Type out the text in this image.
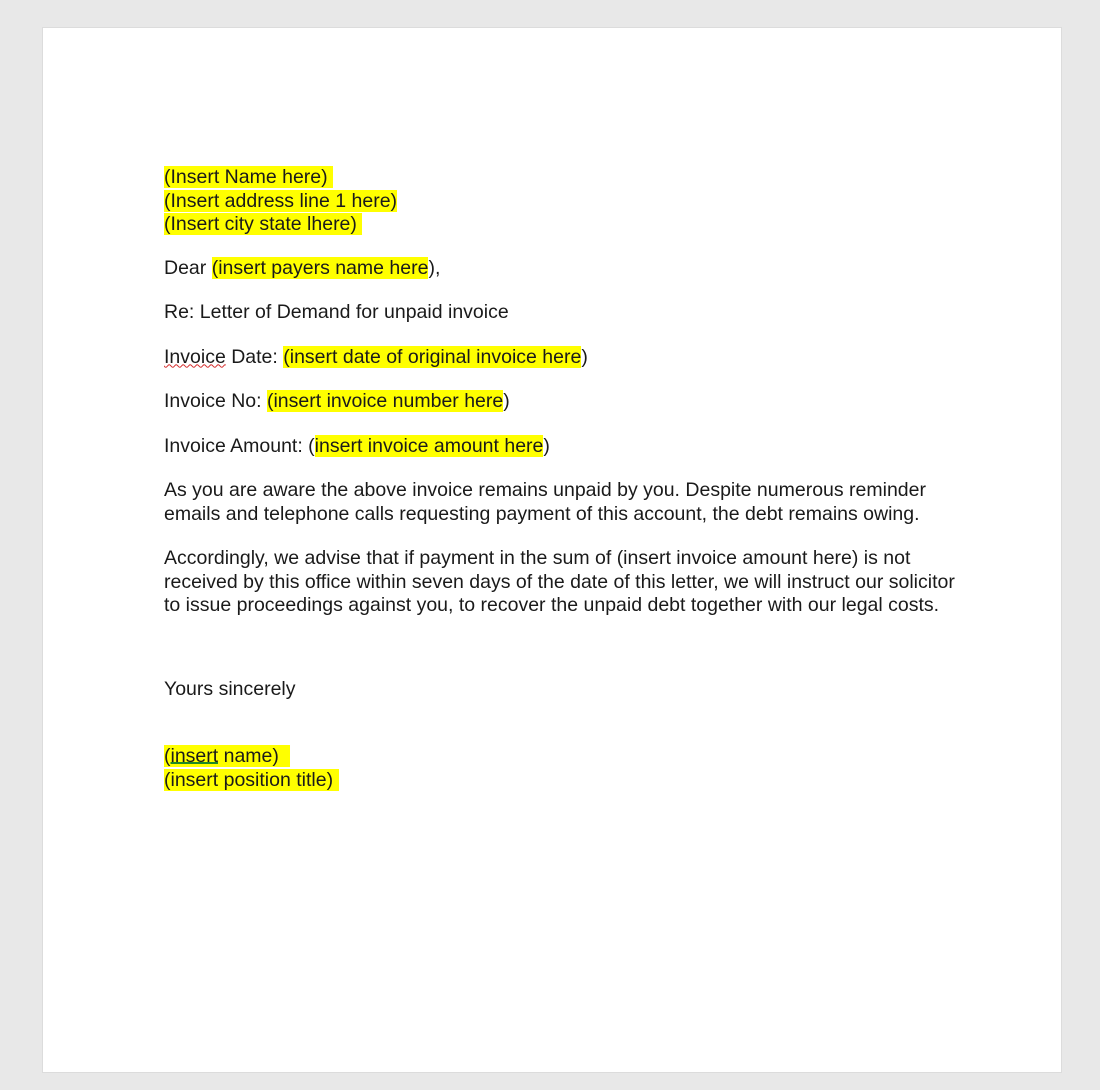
(Insert Name here)
(Insert address line 1 here)
(Insert city state lhere)
Dear (insert payers name here),
Re: Letter of Demand for unpaid invoice
Invoice Date: (insert date of original invoice here)
Invoice No: (insert invoice number here)
Invoice Amount: (insert invoice amount here)

As you are aware the above invoice remains unpaid by you. Despite numerous reminder emails and telephone calls requesting payment of this account, the debt remains owing.

Accordingly, we advise that if payment in the sum of (insert invoice amount here) is not received by this office within seven days of the date of this letter, we will instruct our solicitor to issue proceedings against you, to recover the unpaid debt together with our legal costs.

Yours sincerely
(insert name)
(insert position title)
